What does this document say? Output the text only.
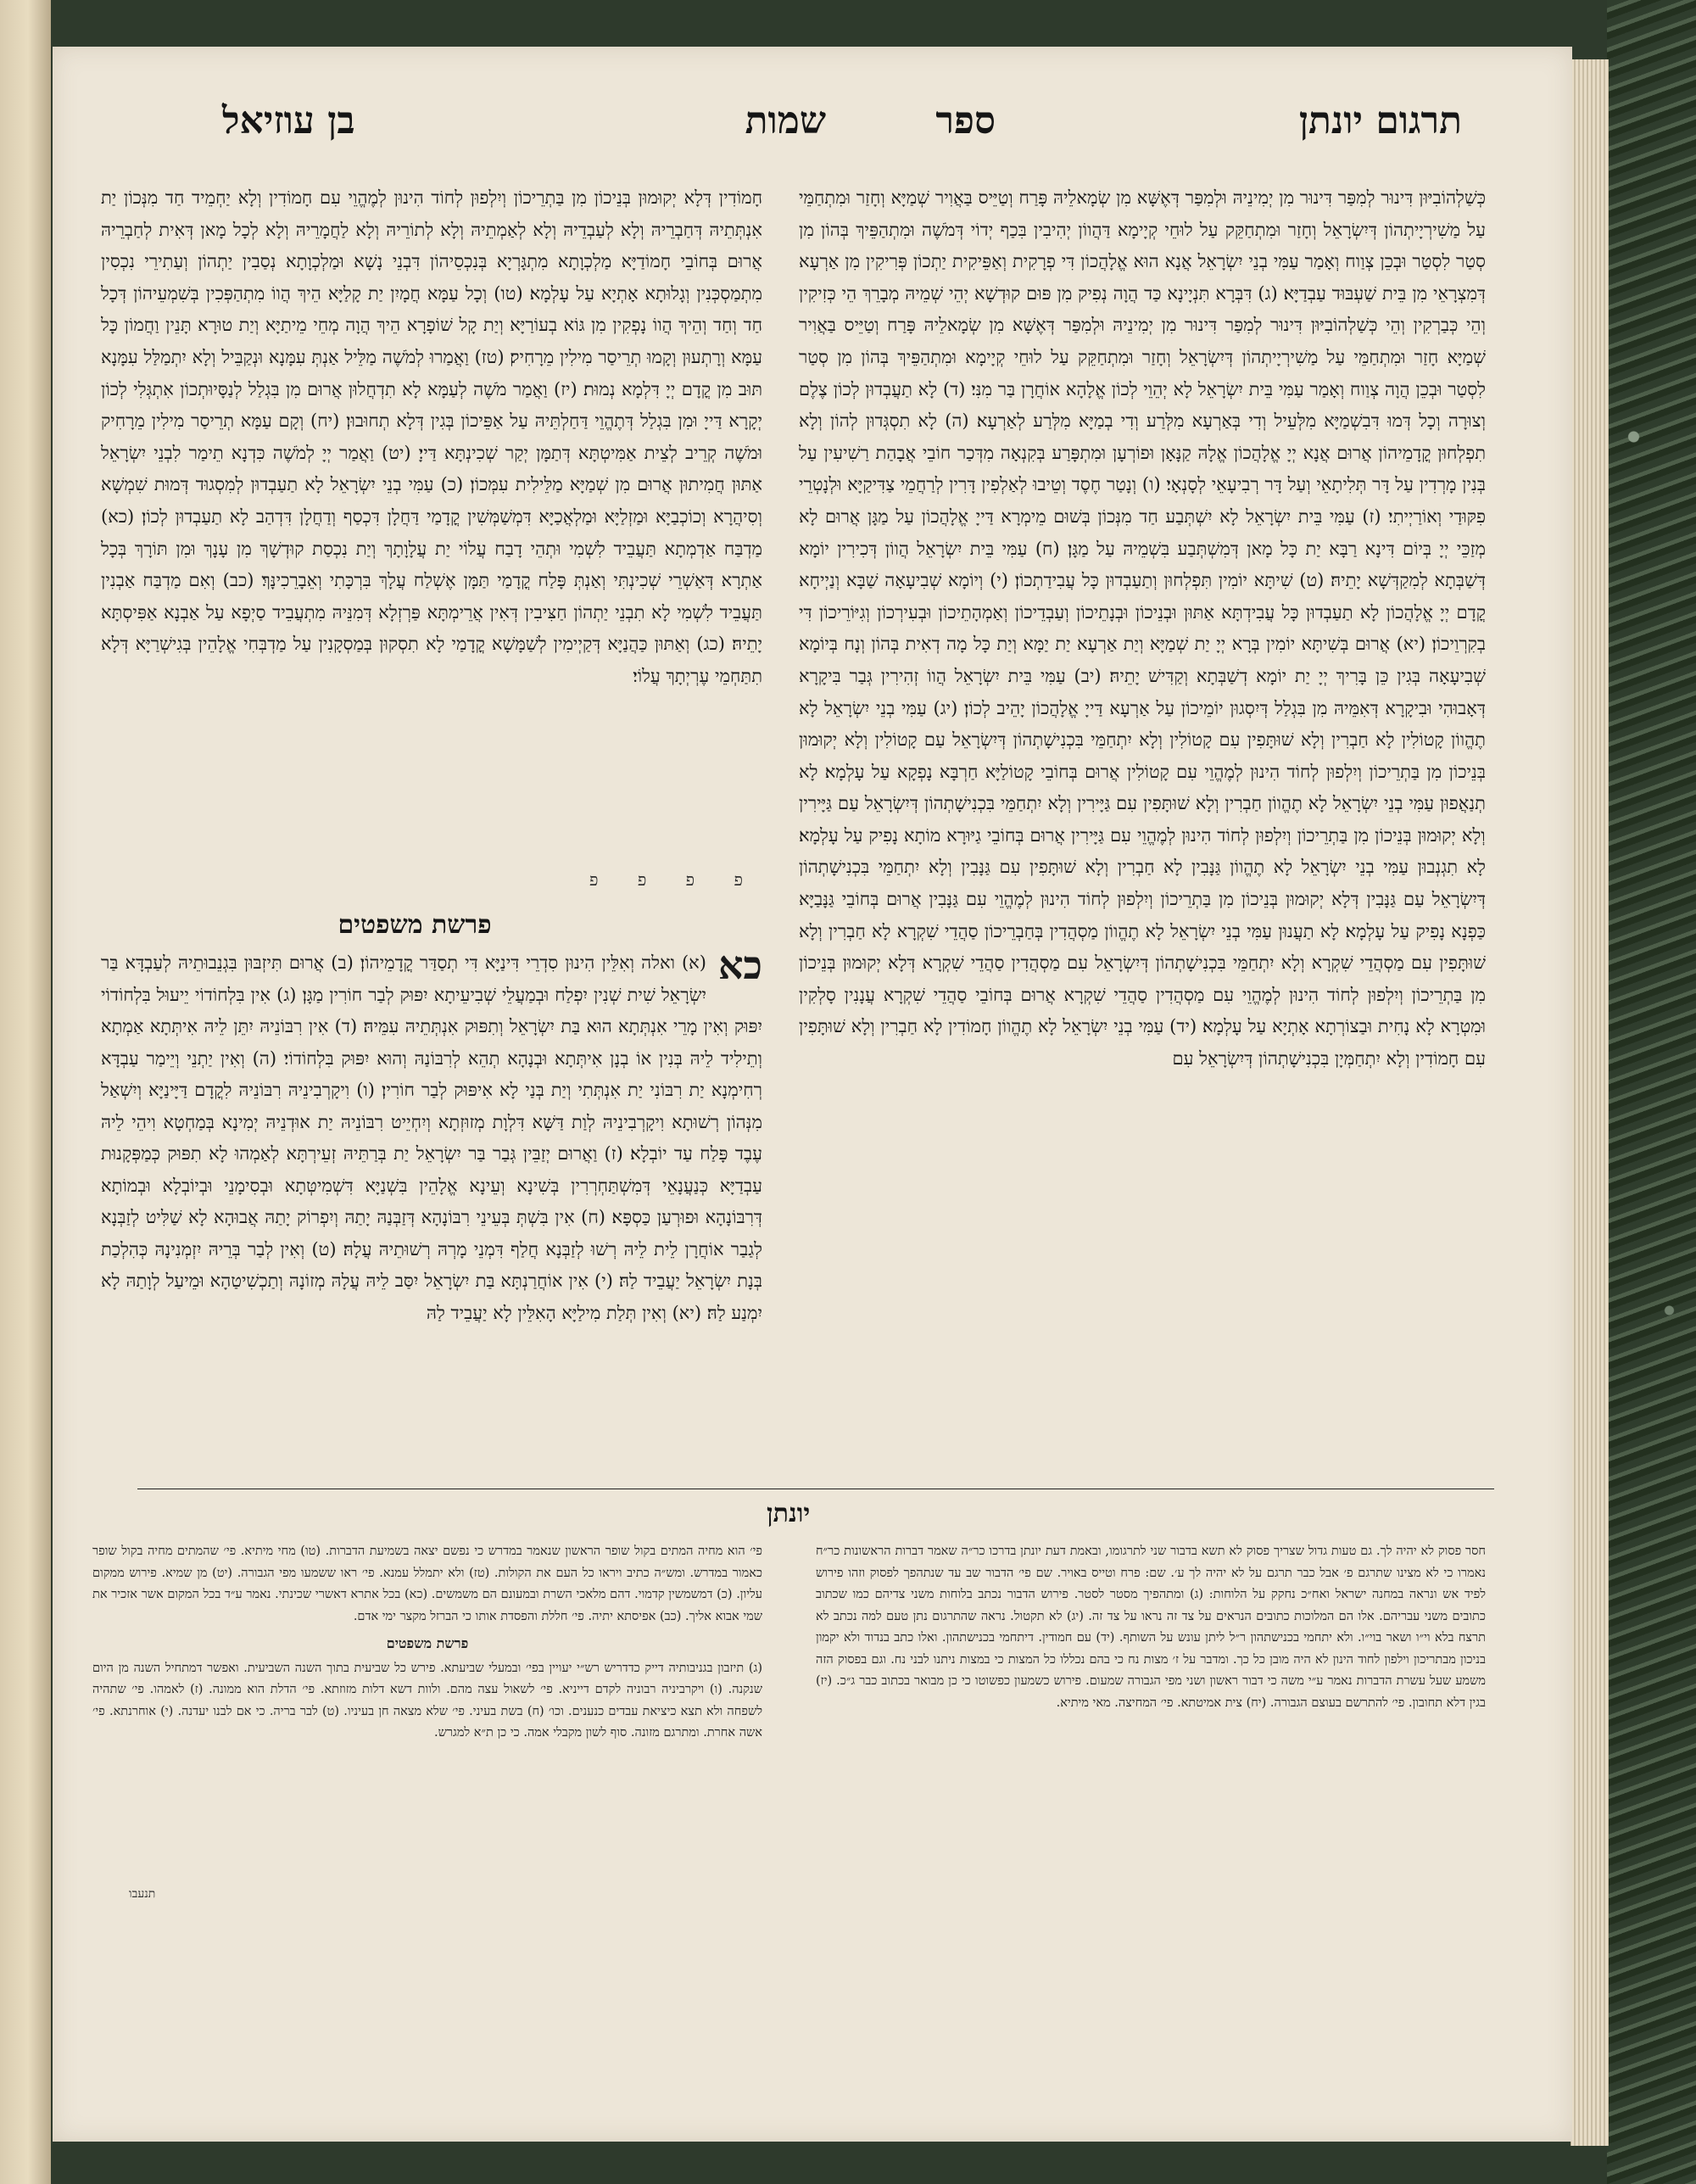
תרגום יונתן
ספר
שמות
בן עוזיאל
כְּשַׁלְהוֹבִיּוּן דִּינוּר לְמִפַּר דִּינוּר מִן יְמִינֵיהּ וּלְמִפַּר דְּאֶשָּׁא מִן שְׂמָאלֵיהּ פָּרַח וְטַיֵּיס בַּאֲוִיר שְׁמַיָּא וְחָזַר וּמִתְחַמֵּי עַל מַשִׁירְיָיתְהוֹן דְּיִשְׂרָאֵל וְחָזַר וּמִתְחַקֵּק עַל לוּחֵי קְיָימָא דַּהֲווֹן יְהִיבִין בִּכַף יְדוֹי דְּמֹשֶׁה וּמִתְהַפֵּיךְ בְּהוֹן מִן סְטַר לִסְטַר וּבְכֵן צְוַוח וְאָמַר עַמִּי בְנֵי יִשְׂרָאֵל אֲנָא הוּא אֱלָהֲכוֹן דִּי פְרָקִית וְאַפֵּיקִית יַתְכוֹן פְּרִיקִין מִן אַרְעָא דְּמִצְרָאֵי מִן בֵּית שַׁעְבּוּד עַבְדַיָּא׃ (ג) דִּבְּרָא תִּנְיָינָא כַּד הֲוָה נְפִיק מִן פּוּם קוּדְשָׁא יְהֵי שְׁמֵיהּ מְבָרֵךְ הֵי כְּזִיקִין וְהֵי כְּבַרְקִין וְהֵי כְּשַׁלְהוֹבִיּוּן דִּינוּר לְמִפַּר דִּינוּר מִן יְמִינֵיהּ וּלְמִפַּר דְּאֶשָּׁא מִן שְׂמָאלֵיהּ פָּרַח וְטַיֵּיס בַּאֲוִיר שְׁמַיָּא חָזַר וּמִתְחַמֵּי עַל מַשִׁירְיָיתְהוֹן דְּיִשְׂרָאֵל וְחָזַר וּמִתְחַקֵּק עַל לוּחֵי קְיָימָא וּמִתְהַפֵּיךְ בְּהוֹן מִן סְטַר לִסְטַר וּבְכֵן הֲוָה צְוַוח וְאָמַר עַמִּי בֵּית יִשְׂרָאֵל לָא יְהֵוֵי לְכוֹן אֱלָהָא אוֹחֲרָן בַּר מִנִּי׃ (ד) לָא תַעֲבְדוּן לְכוֹן צֶלֶם וְצוּרָה וְכָל דְּמוּ דִּבִשְׁמַיָּא מִלְּעֵיל וְדִי בְּאַרְעָא מִלְּרַע וְדִי בְמַיָּא מִלְּרַע לְאַרְעָא׃ (ה) לָא תִסְגְּדוּן לְהוֹן וְלָא תִפְלְחוּן קֳדָמֵיהוֹן אֲרוּם אֲנָא יְיָ אֱלָהֲכוֹן אֱלָהּ קַנָּאָן וּפוֹרְעָן וּמִתְפָּרַע בְּקִנְאָה מִדְּכַר חוֹבֵי אֲבָהַת רַשִׁיעִין עַל בְּנִין מָרְדִין עַל דָּר תְּלִיתָאֵי וְעַל דָּר רְבִיעָאֵי לְסָנְאָי׃ (ו) וְנָטַר חֶסֶד וְטֵיבוּ לְאַלְפִין דָּרִין לְרַחֲמֵי צַדִּיקַיָּא וּלְנָטְרֵי פִקּוּדַי וְאוֹרַיְיתִי׃ (ז) עַמִּי בֵּית יִשְׂרָאֵל לָא יִשְׁתְּבַע חַד מִנְּכוֹן בְּשׁוּם מֵימְרָא דַּייָ אֱלָהֲכוֹן עַל מַגָּן אֲרוּם לָא מְזַכֵּי יְיָ בְּיוֹם דִּינָא רַבָּא יַת כָּל מָאן דְּמִשְׁתְּבַע בִּשְׁמֵיהּ עַל מַגָּן׃ (ח) עַמִּי בֵּית יִשְׂרָאֵל הֲווֹן דְּכִירִין יוֹמָא דְּשַׁבְּתָא לְמִקַדְּשָׁא יָתֵיהּ׃ (ט) שִׁיתָּא יוֹמִין תִּפְלְחוּן וְתַעַבְדוּן כָּל עֲבִידַתְכוֹן׃ (י) וְיוֹמָא שְׁבִיעָאָה שַׁבָּא וְנַיְיחָא קֳדָם יְיָ אֱלָהֲכוֹן לָא תַעַבְדוּן כָּל עֲבִידְתָּא אַתּוּן וּבְנֵיכוֹן וּבְנָתֵיכוֹן וְעַבְדֵיכוֹן וְאַמְהָתֵיכוֹן וּבְעִירְכוֹן וְגִיּוֹרֵיכוֹן דִּי בְקִרְוֵיכוֹן׃ (יא) אֲרוּם בְּשִׁיתָּא יוֹמִין בְּרָא יְיָ יַת שְׁמַיָּא וְיַת אַרְעָא יַת יַמָּא וְיַת כָּל מָה דְאִית בְּהוֹן וְנָח בְּיוֹמָא שְׁבִיעָאָה בְּגִין כֵּן בָּרִיךְ יְיָ יַת יוֹמָא דְשַׁבְּתָא וְקַדִּישׁ יָתֵיהּ׃ (יב) עַמִּי בֵּית יִשְׂרָאֵל הֲווֹ זְהִירִין גְּבַר בִּיקָרָא דְּאָבוּהִי וּבִיקָרָא דְּאִמֵּיהּ מִן בִּגְלַל דְּיִסְגוּן יוֹמֵיכוֹן עַל אַרְעָא דַּייָ אֱלָהֲכוֹן יָהֵיב לְכוֹן׃ (יג) עַמִּי בְנֵי יִשְׂרָאֵל לָא תֶהֱווֹן קָטוֹלִין לָא חַבְרִין וְלָא שׁוּתָּפִין עִם קָטוֹלִין וְלָא יִתְחַמֵּי בִּכְנִישָׁתְהוֹן דְּיִשְׂרָאֵל עַם קָטוֹלִין וְלָא יְקוּמוּן בְּנֵיכוֹן מִן בַּתְרֵיכוֹן וְיִלְפוּן לְחוֹד הִינוּן לְמֶהֱוֵי עִם קָטוֹלִין אֲרוּם בְּחוֹבֵי קָטוֹלַיָּא חַרְבָּא נָפְקָא עַל עָלְמָא׃ לָא תְנַאֲפוּן עַמִּי בְנֵי יִשְׂרָאֵל לָא תֶהֱווֹן חַבְרִין וְלָא שׁוּתָּפִין עִם גַּיָּירִין וְלָא יִתְחַמֵּי בִּכְנִישָׁתְהוֹן דְּיִשְׂרָאֵל עַם גַּיָּירִין וְלָא יְקוּמוּן בְּנֵיכוֹן מִן בַּתְרֵיכוֹן וְיִלְפוּן לְחוֹד הִינוּן לְמֶהֱוֵי עִם גַּיָּירִין אֲרוּם בְּחוֹבֵי גַיּוּרָא מוֹתָא נָפִיק עַל עָלְמָא׃ לָא תִגְנְבוּן עַמִּי בְנֵי יִשְׂרָאֵל לָא תֶהֱווֹן גַּנָּבִין לָא חַבְרִין וְלָא שׁוּתָּפִין עִם גַּנָּבִין וְלָא יִתְחַמֵּי בִּכְנִישָׁתְהוֹן דְּיִשְׂרָאֵל עַם גַּנָּבִין דְּלָא יְקוּמוּן בְּנֵיכוֹן מִן בַּתְרֵיכוֹן וְיִלְפוּן לְחוֹד הִינוּן לְמֶהֱוֵי עִם גַּנָּבִין אֲרוּם בְּחוֹבֵי גַּנָּבַיָּא כַּפְנָא נָפִיק עַל עָלְמָא׃ לָא תַעֲנוּן עַמִּי בְנֵי יִשְׂרָאֵל לָא תֶהֱווֹן מַסְהֲדִין בְּחַבְרֵיכוֹן סַהֲדֵי שִׁקְרָא לָא חַבְרִין וְלָא שׁוּתָּפִין עִם מַסְהֲדֵי שִׁקְרָא וְלָא יִתְחַמֵּי בִּכְנִישָׁתְהוֹן דְּיִשְׂרָאֵל עִם מַסְהֲדִין סַהֲדֵי שִׁקְרָא דְּלָא יְקוּמוּן בְּנֵיכוֹן מִן בַּתְרֵיכוֹן וְיִלְפוּן לְחוֹד הִינוּן לְמֶהֱוֵי עִם מַסְהֲדִין סַהֲדֵי שִׁקְרָא אֲרוּם בְּחוֹבֵי סַהֲדֵי שִׁקְרָא עֲנָנִין סָלְקִין וּמִטְרָא לָא נָחִית וּבַצוֹרְתָא אָתְיָא עַל עָלְמָא׃ (יד) עַמִּי בְנֵי יִשְׂרָאֵל לָא תֶהֱווֹן חָמוֹדִין לָא חַבְרִין וְלָא שׁוּתָּפִין עִם חָמוֹדִין וְלָא יִתְחַמְּיָן בִּכְנִישָׁתְהוֹן דְּיִשְׂרָאֵל עִם
חָמוֹדִין דְּלָא יְקוּמוּן בְּנֵיכוֹן מִן בַּתְרֵיכוֹן וְיִלְפוּן לְחוֹד הִינוּן לְמֶהֱוֵי עִם חָמוֹדִין וְלָא יַחְמֵיד חַד מִנְּכוֹן יַת אִנְתְּתֵיהּ דְּחַבְרֵיהּ וְלָא לְעַבְדֵיהּ וְלָא לְאַמְתֵיהּ וְלָא לְתוֹרֵיהּ וְלָא לַחֲמָרֵיהּ וְלָא לְכָל מָאן דְּאִית לְחַבְרֵיהּ אֲרוּם בְּחוֹבֵי חָמוֹדַיָּא מַלְכְוָתָא מִתְגָּרְיָא בְּנִכְסֵיהוֹן דִּבְנֵי נָשָׁא וּמַלְכְוָתָא נְסַבִין יַתְהוֹן וְעַתִירֵי נִכְסִין מִתְמַסְכְּנִין וְגָלוּתָא אָתְיָא עַל עָלְמָא׃ (טו) וְכָל עַמָּא חֲמָיִן יַת קָלַיָּא הֵיךְ הֲווֹ מִתְהַפְּכִין בְּשִׁמְעֵיהוֹן דְּכָל חַד וְחַד וְהֵיךְ הֲווֹ נָפְקִין מִן גּוֹא בְעוֹרַיָּא וְיַת קָל שׁוֹפָרָא הֵיךְ הֲוָה מְחֵי מֵיתַיָּא וְיַת טוּרָא תָּנֵין וַחֲמוֹן כָּל עַמָּא וְרָתְעוּן וְקָמוּ תְרֵיסַר מִילִין מֵרָחִיק׃ (טז) וַאֲמַרוּ לְמֹשֶׁה מַלֵּיל אַנְתְּ עִמָּנָא וּנְקַבֵּיל וְלָא יִתְמַלַּל עִמָּנָא תּוּב מִן קֳדָם יְיָ דִּלְמָא נְמוּת׃ (יז) וַאֲמַר מֹשֶׁה לְעַמָּא לָא תִדְחֲלוּן אֲרוּם מִן בִּגְלַל לְנַסָּיוּתְכוֹן אִתְגְּלִי לְכוֹן יְקָרָא דַּייָ וּמִן בִּגְלַל דְּתֶהֱוֵי דַּחַלְתֵּיהּ עַל אַפֵּיכוֹן בְּגִין דְּלָא תְחוּבוּן׃ (יח) וְקָם עַמָּא תְרֵיסַר מִילִין מֵרָחִיק וּמֹשֶׁה קְרֵיב לְצֵית אַמִּיטְתָּא דְּתַמָּן יְקַר שְׁכִינְתָּא דַּייָ׃ (יט) וַאֲמַר יְיָ לְמֹשֶׁה כִּדְנָא תֵימַר לִבְנֵי יִשְׂרָאֵל אַתּוּן חֲמִיתוּן אֲרוּם מִן שְׁמַיָּא מַלֵּילִית עִמְּכוֹן׃ (כ) עַמִּי בְנֵי יִשְׂרָאֵל לָא תַעַבְדוּן לְמִסְגוּד דְּמוּת שִׁמְשָׁא וְסִיהֲרָא וְכוֹכְבַיָּא וּמַזְלַיָּא וּמַלְאֲכַיָּא דִּמְשַׁמְּשִׁין קֳדָמַי דַּחֲלָן דִּכְסַף וְדַחֲלָן דִּדְהַב לָא תַעַבְדוּן לְכוֹן׃ (כא) מַדְבַּח אַדְמְתָא תַּעֲבֵיד לִשְׁמִי וּתְהֵי דָבַח עֲלוֹי יַת עֲלָוָתָךְ וְיַת נִכְסַת קוּדְשָׁךְ מִן עָנָךְ וּמִן תּוֹרָךְ בְּכָל אַתְרָא דְּאַשְׁרֵי שְׁכִינְתִּי וְאַנְתְּ פָּלַח קֳדָמַי תַּמָּן אֶשְׁלַח עֲלָךְ בִּרְכָּתִי וְאֵבָרֵכִינָּךְ׃ (כב) וְאִם מַדְבַּח אַבְנִין תַּעֲבֵיד לִשְׁמִי לָא תִבְנֵי יַתְהוֹן חַצִּיבִין דְּאִין אֲרֵימְתָּא פַּרְזְלָא דְּמִנֵּיהּ מִתְעֲבֵיד סַיְפָא עַל אַבְנָא אַפִּיסְתָּא יָתֵיהּ׃ (כג) וְאַתּוּן כַּהֲנַיָּא דְּקַיְימִין לְשַׁמָּשָׁא קֳדָמַי לָא תִסְקוּן בְּמַסְקָנִין עַל מַדְבְּחִי אֱלָהֵין בְּגִישְׁרַיָּא דְּלָא תִתַּחְמֵי עֶרְיְתָךְ עֲלוֹי׃
פ פ פ פ
פרשת משפטים
כא
(א) ואלה וְאִלֵּין הִינוּן סִדְרֵי דִּינַיָּא דִּי תְסַדַּר קֳדָמֵיהוֹן׃ (ב) אֲרוּם תִּיזְבּוּן בִּגְנֵבוּתֵיהּ לְעַבְדָּא בַּר יִשְׂרָאֵל שִׁית שְׁנִין יִפְלַח וּבְמַעֲלֵי שְׁבִיעֵיתָא יִפּוּק לְבַר חוֹרִין מַגָּן׃ (ג) אִין בִּלְחוֹדוֹי יֵיעוּל בִּלְחוֹדוֹי יִפּוּק וְאִין מָרֵי אִנְתְּתָא הוּא בַּת יִשְׂרָאֵל וְתִפּוּק אִנְתְּתֵיהּ עִמֵּיהּ׃ (ד) אִין רִבּוֹנֵיהּ יִתֵּן לֵיהּ אִיתְּתָא אַמְתָא וְתֵילִיד לֵיהּ בְּנִין אוֹ בְנָן אִיתְּתָא וּבְנָהָא תְהֵא לְרִבּוֹנַהּ וְהוּא יִפּוּק בִּלְחוֹדוֹי׃ (ה) וְאִין יַתְנֵי וְיֵימַר עַבְדָּא רְחִימְנָא יַת רִבּוֹנִי יַת אִנְתְּתִי וְיַת בְּנַי לָא אִיפּוּק לְבַר חוֹרִין׃ (ו) וִיקָרְבִינֵיהּ רִבּוֹנֵיהּ לִקֳדָם דַּיָּינַיָּא וְיִשְׁאַל מִנְּהוֹן רְשׁוּתָא וִיקָרְבִינֵיהּ לְוַת דַּשָּׁא דִּלְוָת מְזוּזְתָא וְיִחְיֵיט רִבּוֹנֵיהּ יַת אוּדְנֵיהּ יְמִינָא בְּמַחְטָא וִיהֵי לֵיהּ עֶבֶד פָּלַח עַד יוֹבְלָא׃ (ז) וַאֲרוּם יְזַבֵּין גְּבַר בַּר יִשְׂרָאֵל יַת בְּרַתֵּיהּ זְעֵירְתָּא לְאַמְהוּ לָא תִפּוּק כְּמַפְּקָנוּת עַבְדַיָּא כְּנַעֲנָאֵי דְּמִשְׁתַּחְרְרִין בְּשִׁינָא וְעֵינָא אֱלָהֵין בִּשְׁנַיָּא דִּשְׁמִיטְּתָא וּבְסִימָנֵי וּבְיוֹבְלָא וּבְמוֹתָא דְּרִבּוֹנָהָא וּפוּרְעַן כַּסְפָּא׃ (ח) אִין בִּשְׁתְּ בְּעֵינֵי רִבּוֹנָהָא דְּזַבְּנַהּ יָתַהּ וְיִפְרוֹק יָתַהּ אֲבוּהָא לָא שַׁלִּיט לְזַבְּנָא לְגַבַר אוֹחֲרָן לֵית לֵיהּ רְשׁוּ לְזַבְּנָא חֲלַף דִּמְנֵי מָרְהּ רְשׁוּתֵיהּ עֲלָהּ׃ (ט) וְאִין לְבַר בְּרֵיהּ יִזְמְנִינָהּ כְּהִלְכַת בְּנָת יִשְׂרָאֵל יַעֲבֵיד לַהּ׃ (י) אִין אוֹחֲרַנְתָּא בַּת יִשְׂרָאֵל יִסַּב לֵיהּ עֲלָהּ מְזוֹנָהּ וְתַכְשִׁיטַהָא וּמֵיעַל לְוָתַהּ לָא יִמְנַע לַהּ׃ (יא) וְאִין תְּלַת מִילַיָּא הָאִלֵּין לָא יַעֲבֵיד לַהּ
יונתן
חסר פסוק לא יהיה לך. גם טעות גדול שצריך פסוק לא תשא בדבור שני לתרגומו, ובאמת דעת יונתן בדרכו כר״ה שאמר דברות הראשונות כר״ח נאמרו כי לא מצינו שתרגם פ׳ אבל כבר תרגם על לא יהיה לך ע׳. שם: פרח וטייס באויר. שם פי׳ הדבור שב עד שנתהפך לפסוק וזהו פירוש לפיד אש ונראה במחנה ישראל ואח״כ נחקק על הלוחות: (ג) ומתהפיך מסטר לסטר. פירוש הדבור נכתב בלוחות משני צדיהם כמו שכתוב כתובים משני עבריהם. אלו הם המלוכות כתובים הנראים על צד זה נראו על צד זה. (יג) לא תקטול. נראה שהתרגום נתן טעם למה נכתב לא תרצח בלא וי״ו ושאר בוי״ו. ולא יתחמי בכנישתהון ר״ל ליתן עונש על השותף. (יד) עם חמודין. דיתחמי בכנישתהון. ואלו כתב בנדוד ולא יקמון בניכון מבתריכון וילפון לחוד הינון לא היה מובן כל כך. ומדבר על ז׳ מצות נח כי בהם נכללו כל המצות כי במצות ניתנו לבני נח. וגם בפסוק הזה משמע שעל עשרת הדברות נאמר ע״י משה כי דבור ראשון ושני מפי הגבורה שמעום. פירוש כשמעון כפשוטו כי כן מבואר בכתוב כבר ג״כ. (יז) בגין דלא תחובון. פי׳ להתרשם בעוצם הגבורה. (יח) צית אמיטתא. פי׳ המחיצה. מאי מיתיא.
פי׳ הוא מחיה המתים בקול שופר הראשון שנאמר במדרש כי נפשם יצאה בשמיעת הדברות. (טו) מחי מיתיא. פי׳ שהמתים מחיה בקול שופר כאמור במדרש. ומש״ה כתיב ויראו כל העם את הקולות. (טז) ולא יתמלל עמנא. פי׳ ראו ששמעו מפי הגבורה. (יט) מן שמיא. פירוש ממקום עליון. (כ) דמשמשין קדמוי. דהם מלאכי השרת ובמעונם הם משמשים. (כא) בכל אתרא דאשרי שכינתי. נאמר ע״ד בכל המקום אשר אזכיר את שמי אבוא אליך. (כב) אפיסתא יתיה. פי׳ חללת והפסדת אותו כי הברזל מקצר ימי אדם.
פרשת משפטים
(ג) תיזבון בגניבותיה דייק כדדריש רש״י יעויין בפי׳ ובמעלי שביעתא. פירש כל שביעית בתוך השנה השביעית. ואפשר דמתחיל השנה מן היום שנקנה. (ו) ויקרביניה רבוניה לקדם דייניא. פי׳ לשאול עצה מהם. ולוות דשא דלות מזוזתא. פי׳ הדלת הוא ממונה. (ז) לאמהו. פי׳ שתהיה לשפחה ולא תצא כיציאת עבדים כנענים. וכו׳ (ח) בשת בעיני. פי׳ שלא מצאה חן בעיניו. (ט) לבר בריה. כי אם לבנו יעדנה. (י) אוחרנתא. פי׳ אשה אחרת. ומתרגם מזונה. סוף לשון מקבלי אמה. כי כן ת״א למגרש.
תנעבו
